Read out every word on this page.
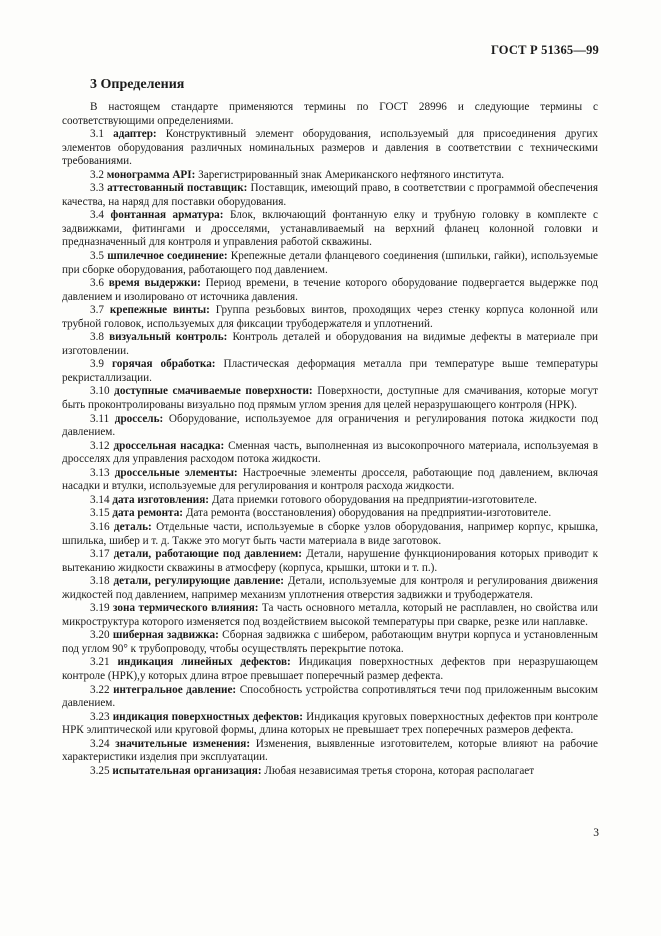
ГОСТ Р 51365—99
3 Определения

В настоящем стандарте применяются термины по ГОСТ 28996 и следующие термины с соответствующими определениями.

3.1 адаптер: Конструктивный элемент оборудования, используемый для присоединения других элементов оборудования различных номинальных размеров и давления в соответствии с техническими требованиями.

3.2 монограмма API: Зарегистрированный знак Американского нефтяного института.

3.3 аттестованный поставщик: Поставщик, имеющий право, в соответствии с программой обеспечения качества, на наряд для поставки оборудования.

3.4 фонтанная арматура: Блок, включающий фонтанную елку и трубную головку в комплекте с задвижками, фитингами и дросселями, устанавливаемый на верхний фланец колонной головки и предназначенный для контроля и управления работой скважины.

3.5 шпилечное соединение: Крепежные детали фланцевого соединения (шпильки, гайки), используемые при сборке оборудования, работающего под давлением.

3.6 время выдержки: Период времени, в течение которого оборудование подвергается выдержке под давлением и изолировано от источника давления.

3.7 крепежные винты: Группа резьбовых винтов, проходящих через стенку корпуса колонной или трубной головок, используемых для фиксации трубодержателя и уплотнений.

3.8 визуальный контроль: Контроль деталей и оборудования на видимые дефекты в материале при изготовлении.

3.9 горячая обработка: Пластическая деформация металла при температуре выше температуры рекристаллизации.

3.10 доступные смачиваемые поверхности: Поверхности, доступные для смачивания, которые могут быть проконтролированы визуально под прямым углом зрения для целей неразрушающего контроля (НРК).

3.11 дроссель: Оборудование, используемое для ограничения и регулирования потока жидкости под давлением.

3.12 дроссельная насадка: Сменная часть, выполненная из высокопрочного материала, используемая в дросселях для управления расходом потока жидкости.

3.13 дроссельные элементы: Настроечные элементы дросселя, работающие под давлением, включая насадки и втулки, используемые для регулирования и контроля расхода жидкости.

3.14 дата изготовления: Дата приемки готового оборудования на предприятии-изготовителе.

3.15 дата ремонта: Дата ремонта (восстановления) оборудования на предприятии-изготовителе.

3.16 деталь: Отдельные части, используемые в сборке узлов оборудования, например корпус, крышка, шпилька, шибер и т. д. Также это могут быть части материала в виде заготовок.

3.17 детали, работающие под давлением: Детали, нарушение функционирования которых приводит к вытеканию жидкости скважины в атмосферу (корпуса, крышки, штоки и т. п.).

3.18 детали, регулирующие давление: Детали, используемые для контроля и регулирования движения жидкостей под давлением, например механизм уплотнения отверстия задвижки и трубодержателя.

3.19 зона термического влияния: Та часть основного металла, который не расплавлен, но свойства или микроструктура которого изменяется под воздействием высокой температуры при сварке, резке или наплавке.

3.20 шиберная задвижка: Сборная задвижка с шибером, работающим внутри корпуса и установленным под углом 90° к трубопроводу, чтобы осуществлять перекрытие потока.

3.21 индикация линейных дефектов: Индикация поверхностных дефектов при неразрушающем контроле (НРК),у которых длина втрое превышает поперечный размер дефекта.

3.22 интегральное давление: Способность устройства сопротивляться течи под приложенным высоким давлением.

3.23 индикация поверхностных дефектов: Индикация круговых поверхностных дефектов при контроле НРК элиптической или круговой формы, длина которых не превышает трех поперечных размеров дефекта.

3.24 значительные изменения: Изменения, выявленные изготовителем, которые влияют на рабочие характеристики изделия при эксплуатации.

3.25 испытательная организация: Любая независимая третья сторона, которая располагает

3
